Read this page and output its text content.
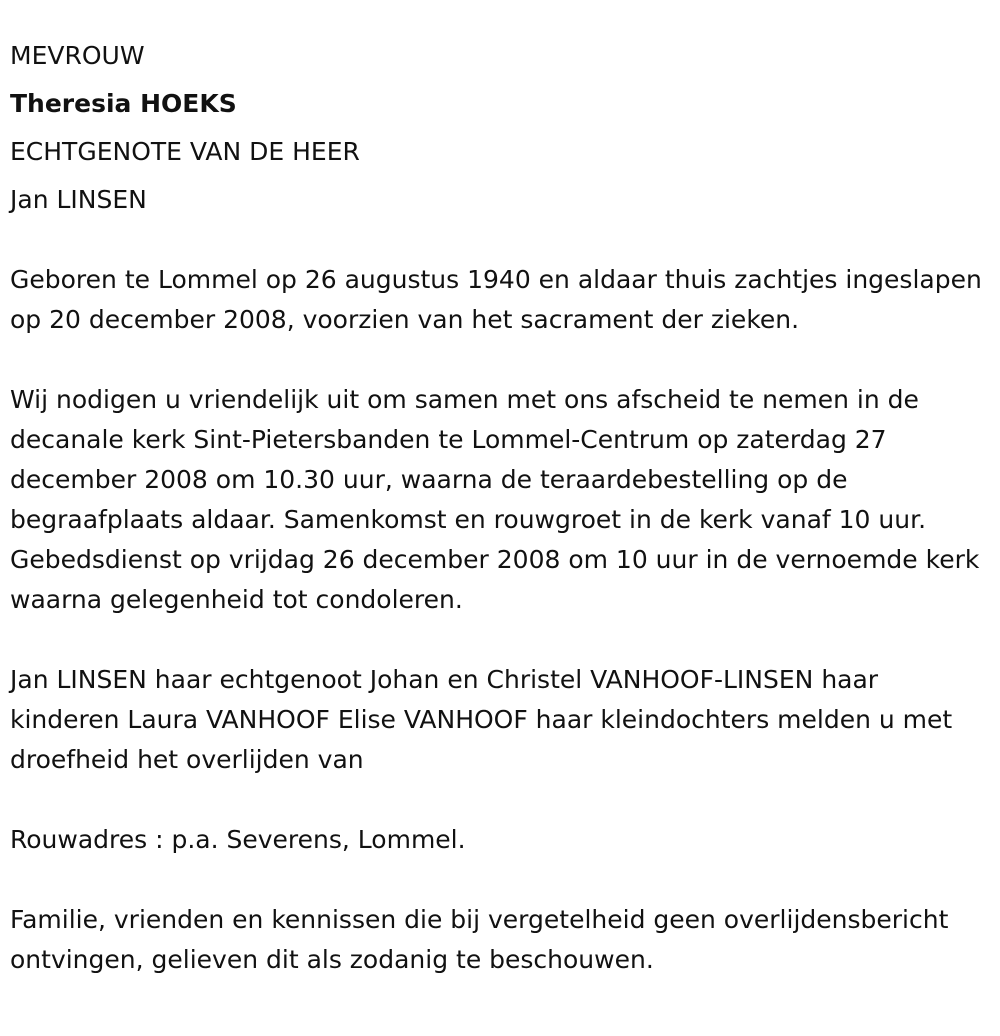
MEVROUW

Theresia HOEKS

ECHTGENOTE VAN DE HEER

Jan LINSEN

Geboren te Lommel op 26 augustus 1940 en aldaar thuis zachtjes ingeslapen op 20 december 2008, voorzien van het sacrament der zieken.

Wij nodigen u vriendelijk uit om samen met ons afscheid te nemen in de decanale kerk Sint-Pietersbanden te Lommel-Centrum op zaterdag 27 december 2008 om 10.30 uur, waarna de teraardebestelling op de begraafplaats aldaar. Samenkomst en rouwgroet in de kerk vanaf 10 uur. Gebedsdienst op vrijdag 26 december 2008 om 10 uur in de vernoemde kerk waarna gelegenheid tot condoleren.

Jan LINSEN haar echtgenoot Johan en Christel VANHOOF-LINSEN haar kinderen Laura VANHOOF Elise VANHOOF haar kleindochters melden u met droefheid het overlijden van

Rouwadres : p.a. Severens, Lommel.

Familie, vrienden en kennissen die bij vergetelheid geen overlijdensbericht ontvingen, gelieven dit als zodanig te beschouwen.
